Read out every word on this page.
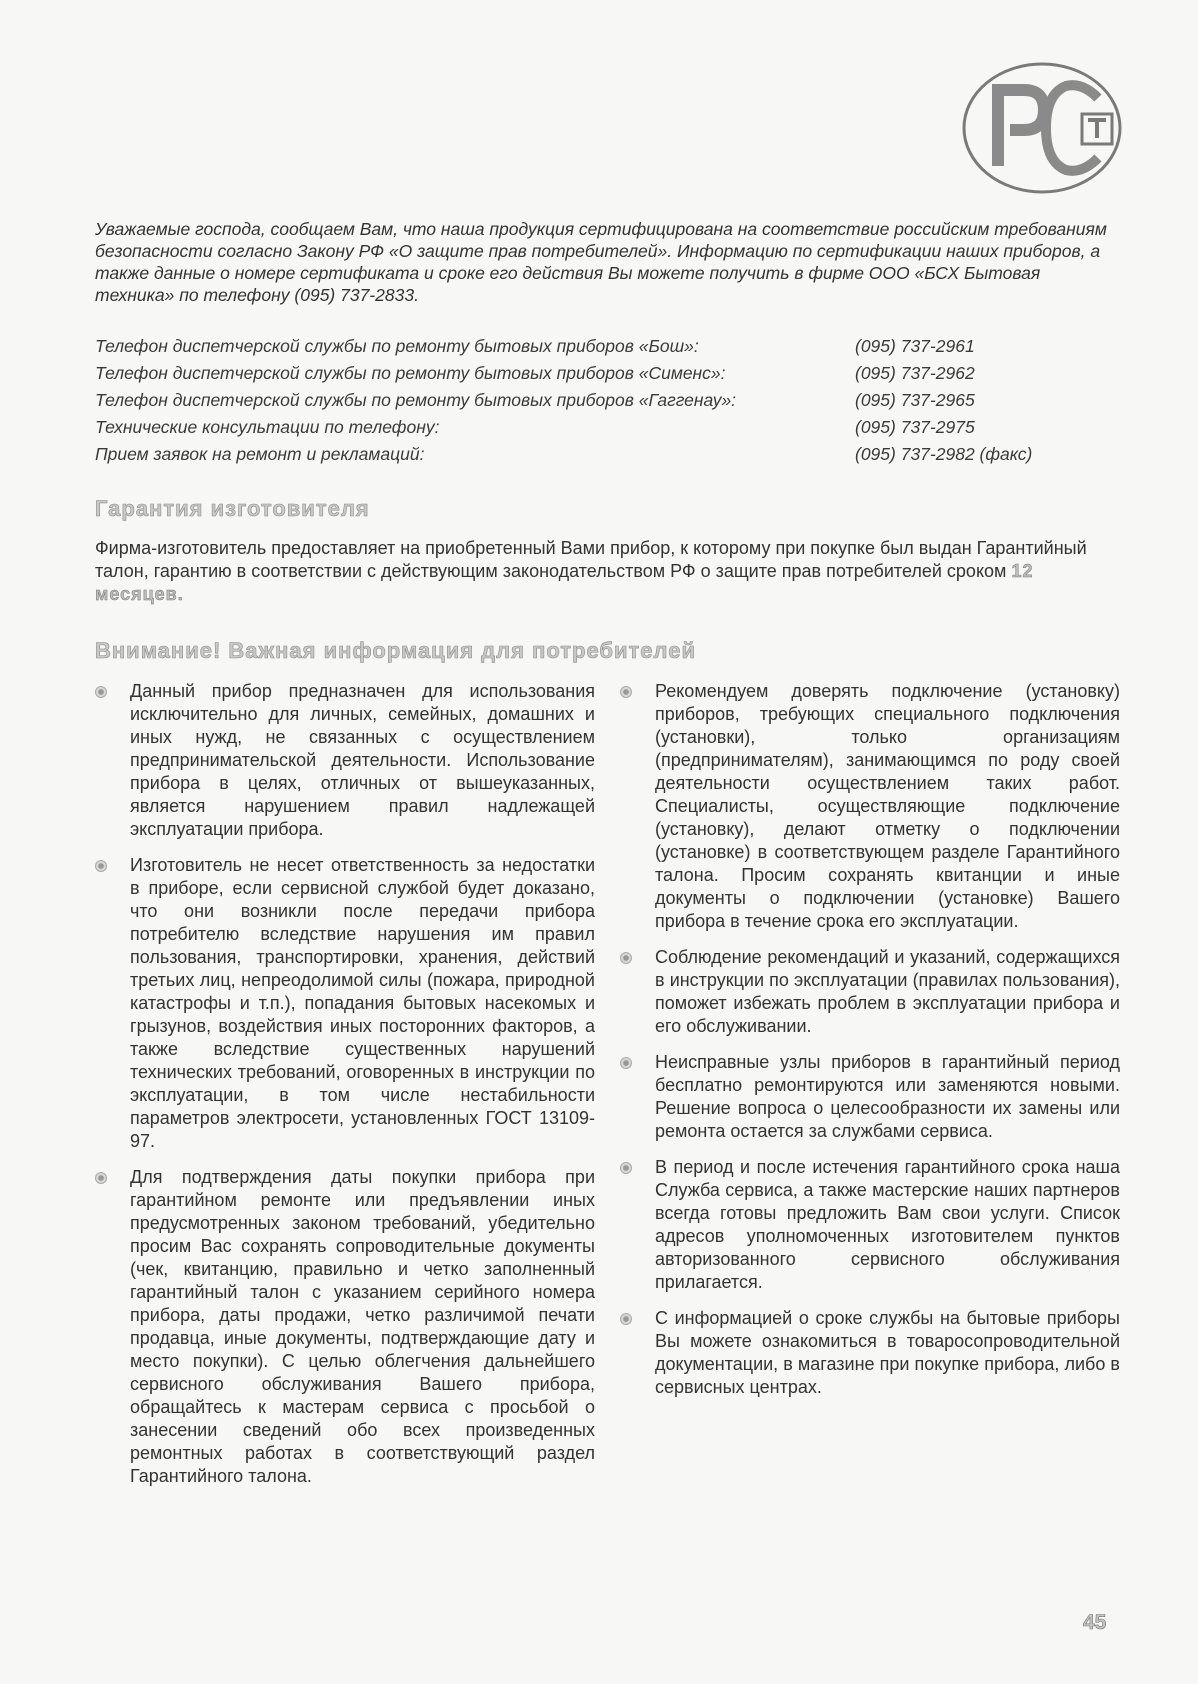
Уважаемые господа, сообщаем Вам, что наша продукция сертифицирована на соответствие российским требованиям безопасности согласно Закону РФ «О защите прав потребителей». Информацию по сертификации наших приборов, а также данные о номере сертификата и сроке его действия Вы можете получить в фирме ООО «БСХ Бытовая техника» по телефону (095) 737-2833.
Телефон диспетчерской службы по ремонту бытовых приборов «Бош»:	(095) 737-2961
Телефон диспетчерской службы по ремонту бытовых приборов «Сименс»:	(095) 737-2962
Телефон диспетчерской службы по ремонту бытовых приборов «Гаггенау»:	(095) 737-2965
Технические консультации по телефону:	(095) 737-2975
Прием заявок на ремонт и рекламаций:	(095) 737-2982 (факс)
Гарантия изготовителя
Фирма-изготовитель предоставляет на приобретенный Вами прибор, к которому при покупке был выдан Гарантийный талон, гарантию в соответствии с действующим законодательством РФ о защите прав потребителей сроком 12 месяцев.
Внимание! Важная информация для потребителей
Данный прибор предназначен для использования исключительно для личных, семейных, домашних и иных нужд, не связанных с осуществлением предпринимательской деятельности. Использование прибора в целях, отличных от вышеуказанных, является нарушением правил надлежащей эксплуатации прибора.
Изготовитель не несет ответственность за недостатки в приборе, если сервисной службой будет доказано, что они возникли после передачи прибора потребителю вследствие нарушения им правил пользования, транспортировки, хранения, действий третьих лиц, непреодолимой силы (пожара, природной катастрофы и т.п.), попадания бытовых насекомых и грызунов, воздействия иных посторонних факторов, а также вследствие существенных нарушений технических требований, оговоренных в инструкции по эксплуатации, в том числе нестабильности параметров электросети, установленных ГОСТ 13109-97.
Для подтверждения даты покупки прибора при гарантийном ремонте или предъявлении иных предусмотренных законом требований, убедительно просим Вас сохранять сопроводительные документы (чек, квитанцию, правильно и четко заполненный гарантийный талон с указанием серийного номера прибора, даты продажи, четко различимой печати продавца, иные документы, подтверждающие дату и место покупки). С целью облегчения дальнейшего сервисного обслуживания Вашего прибора, обращайтесь к мастерам сервиса с просьбой о занесении сведений обо всех произведенных ремонтных работах в соответствующий раздел Гарантийного талона.
Рекомендуем доверять подключение (установку) приборов, требующих специального подключения (установки), только организациям (предпринимателям), занимающимся по роду своей деятельности осуществлением таких работ. Специалисты, осуществляющие подключение (установку), делают отметку о подключении (установке) в соответствующем разделе Гарантийного талона. Просим сохранять квитанции и иные документы о подключении (установке) Вашего прибора в течение срока его эксплуатации.
Соблюдение рекомендаций и указаний, содержащихся в инструкции по эксплуатации (правилах пользования), поможет избежать проблем в эксплуатации прибора и его обслуживании.
Неисправные узлы приборов в гарантийный период бесплатно ремонтируются или заменяются новыми. Решение вопроса о целесообразности их замены или ремонта остается за службами сервиса.
В период и после истечения гарантийного срока наша Служба сервиса, а также мастерские наших партнеров всегда готовы предложить Вам свои услуги. Список адресов уполномоченных изготовителем пунктов авторизованного сервисного обслуживания прилагается.
С информацией о сроке службы на бытовые приборы Вы можете ознакомиться в товаросопроводительной документации, в магазине при покупке прибора, либо в сервисных центрах.
45
